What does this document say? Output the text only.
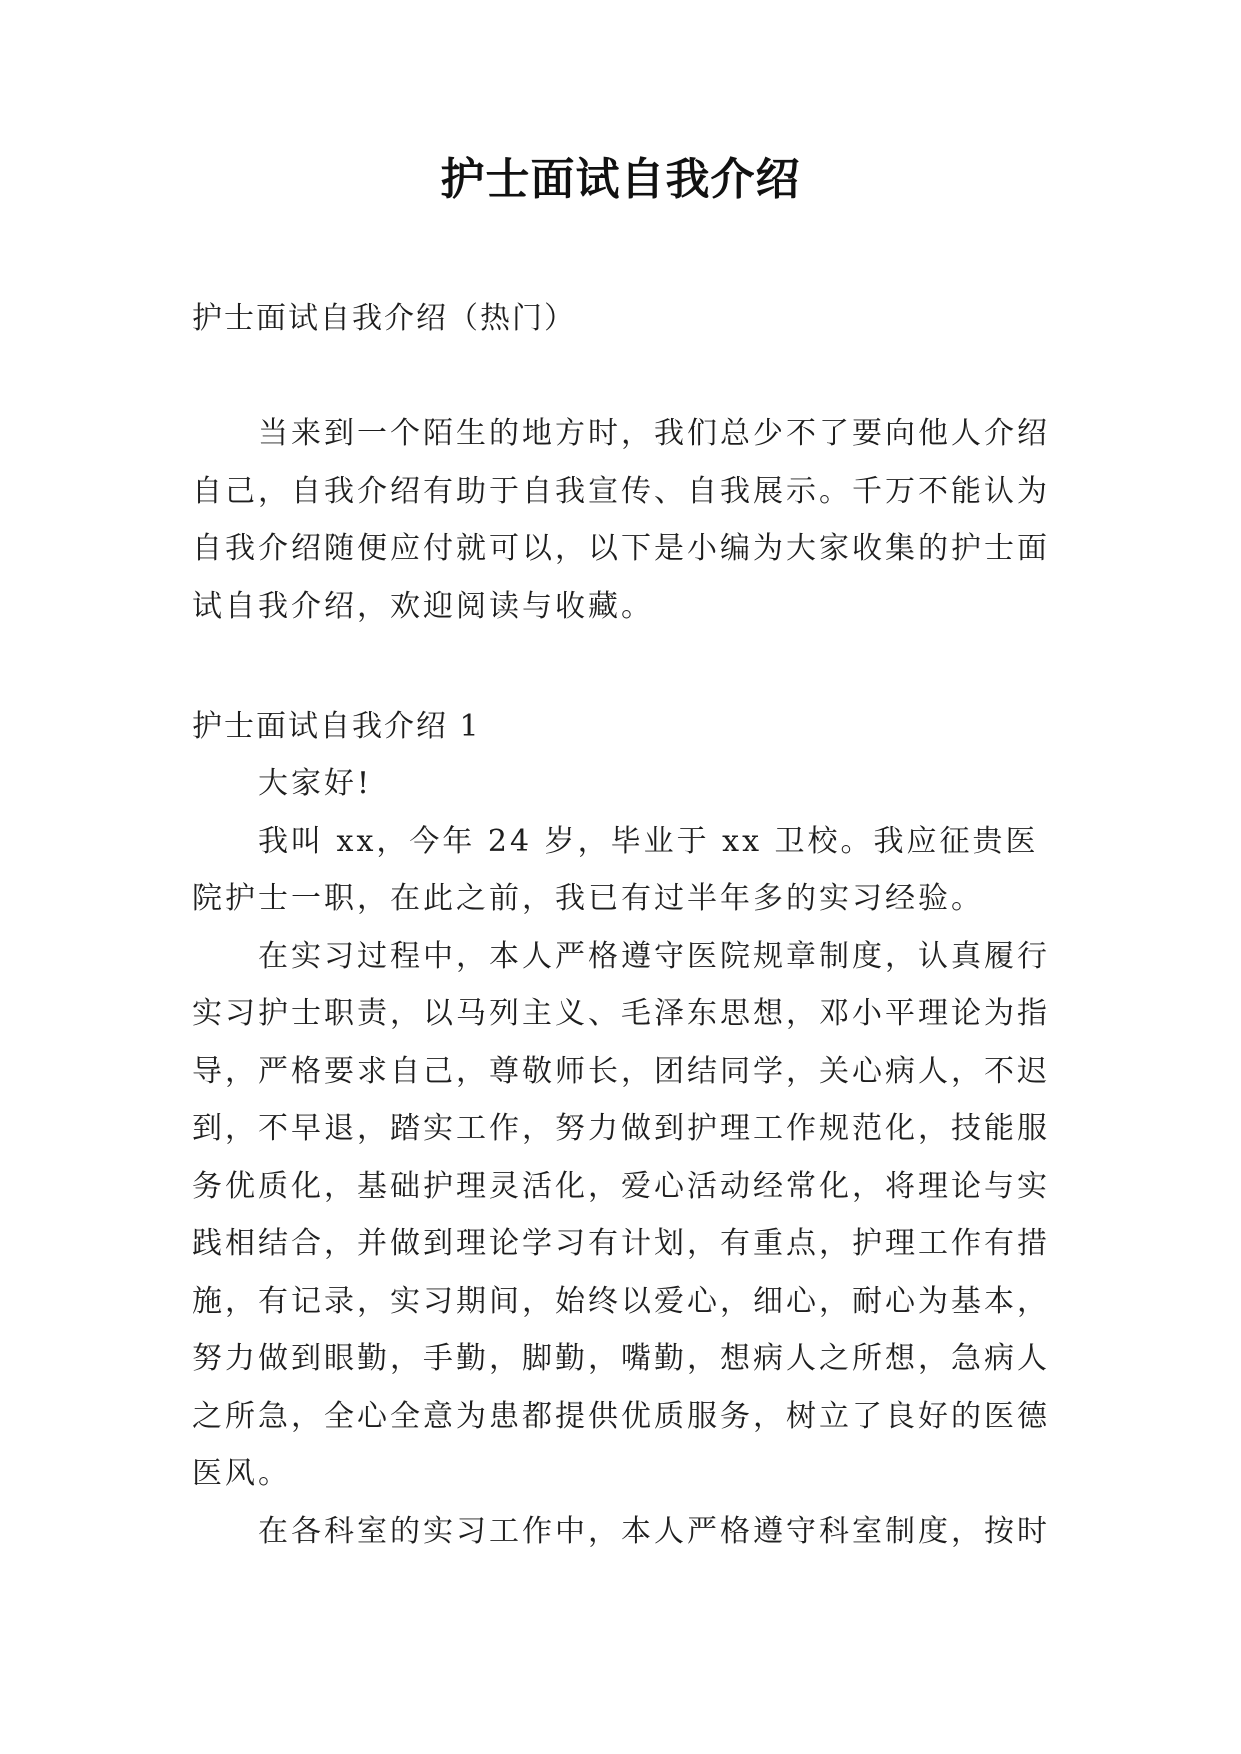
护士面试自我介绍
护士面试自我介绍（热门）
当来到一个陌生的地方时，我们总少不了要向他人介绍自己，自我介绍有助于自我宣传、自我展示。千万不能认为自我介绍随便应付就可以，以下是小编为大家收集的护士面试自我介绍，欢迎阅读与收藏。
护士面试自我介绍 1

大家好!

我叫 xx，今年 24 岁，毕业于 xx 卫校。我应征贵医院护士一职，在此之前，我已有过半年多的实习经验。

在实习过程中，本人严格遵守医院规章制度，认真履行实习护士职责，以马列主义、毛泽东思想，邓小平理论为指导，严格要求自己，尊敬师长，团结同学，关心病人，不迟到，不早退，踏实工作，努力做到护理工作规范化，技能服务优质化，基础护理灵活化，爱心活动经常化，将理论与实践相结合，并做到理论学习有计划，有重点，护理工作有措施，有记录，实习期间，始终以爱心，细心，耐心为基本，努力做到眼勤，手勤，脚勤，嘴勤，想病人之所想，急病人之所急，全心全意为患都提供优质服务，树立了良好的医德医风。

在各科室的实习工作中，本人严格遵守科室制度，按时
